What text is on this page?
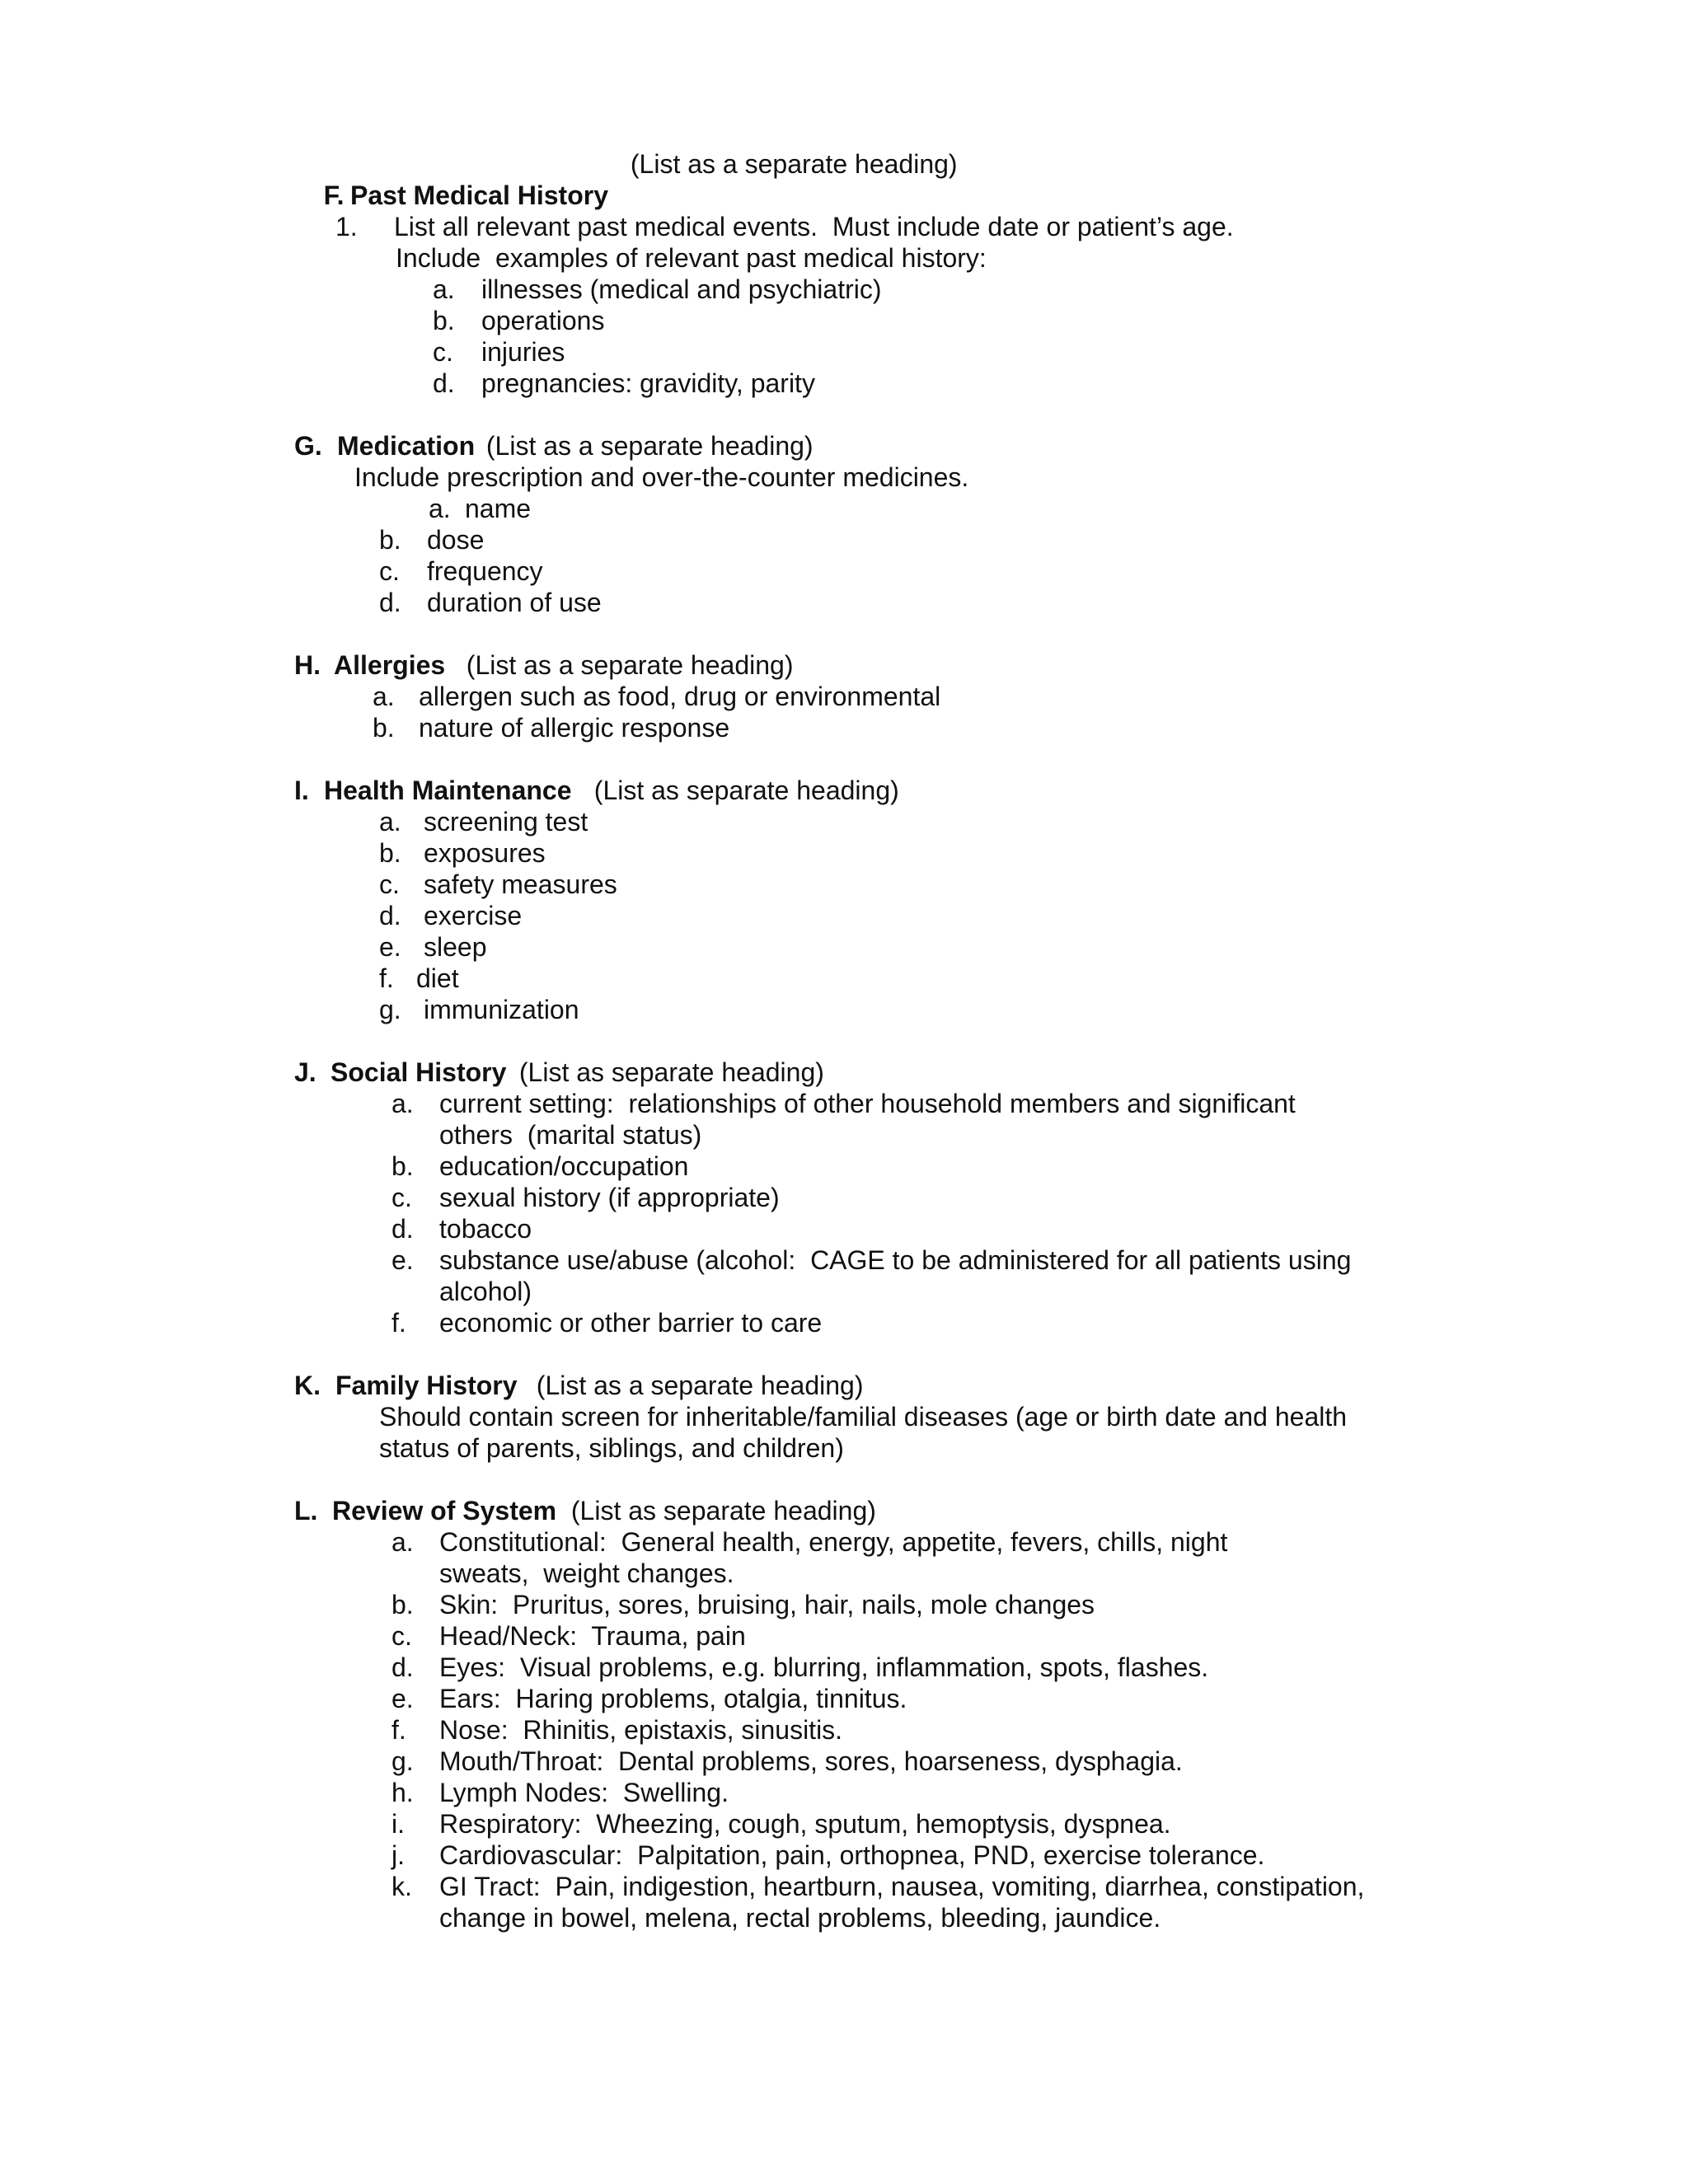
F. Past Medical History

(List as a separate heading)
1. List all relevant past medical events.  Must include date or patient’s age.
Include  examples of relevant past medical history:
a. illnesses (medical and psychiatric)
b. operations
c. injuries
d. pregnancies: gravidity, parity
G. Medication (List as a separate heading)
Include prescription and over-the-counter medicines.
a. name
b. dose
c. frequency
d. duration of use
H. Allergies (List as a separate heading)
a. allergen such as food, drug or environmental
b. nature of allergic response
I. Health Maintenance (List as separate heading)
a. screening test
b. exposures
c. safety measures
d. exercise
e. sleep
f. diet
g. immunization
J. Social History (List as separate heading)
a. current setting:  relationships of other household members and significant
others  (marital status)
b. education/occupation
c. sexual history (if appropriate)
d. tobacco
e. substance use/abuse (alcohol:  CAGE to be administered for all patients using
alcohol)
f. economic or other barrier to care
K. Family History (List as a separate heading)
Should contain screen for inheritable/familial diseases (age or birth date and health
status of parents, siblings, and children)
L. Review of System (List as separate heading)
a. Constitutional:  General health, energy, appetite, fevers, chills, night
sweats,  weight changes.
b. Skin:  Pruritus, sores, bruising, hair, nails, mole changes
c. Head/Neck:  Trauma, pain
d. Eyes:  Visual problems, e.g. blurring, inflammation, spots, flashes.
e. Ears:  Haring problems, otalgia, tinnitus.
f. Nose:  Rhinitis, epistaxis, sinusitis.
g. Mouth/Throat:  Dental problems, sores, hoarseness, dysphagia.
h. Lymph Nodes:  Swelling.
i. Respiratory:  Wheezing, cough, sputum, hemoptysis, dyspnea.
j. Cardiovascular:  Palpitation, pain, orthopnea, PND, exercise tolerance.
k. GI Tract:  Pain, indigestion, heartburn, nausea, vomiting, diarrhea, constipation,
change in bowel, melena, rectal problems, bleeding, jaundice.
